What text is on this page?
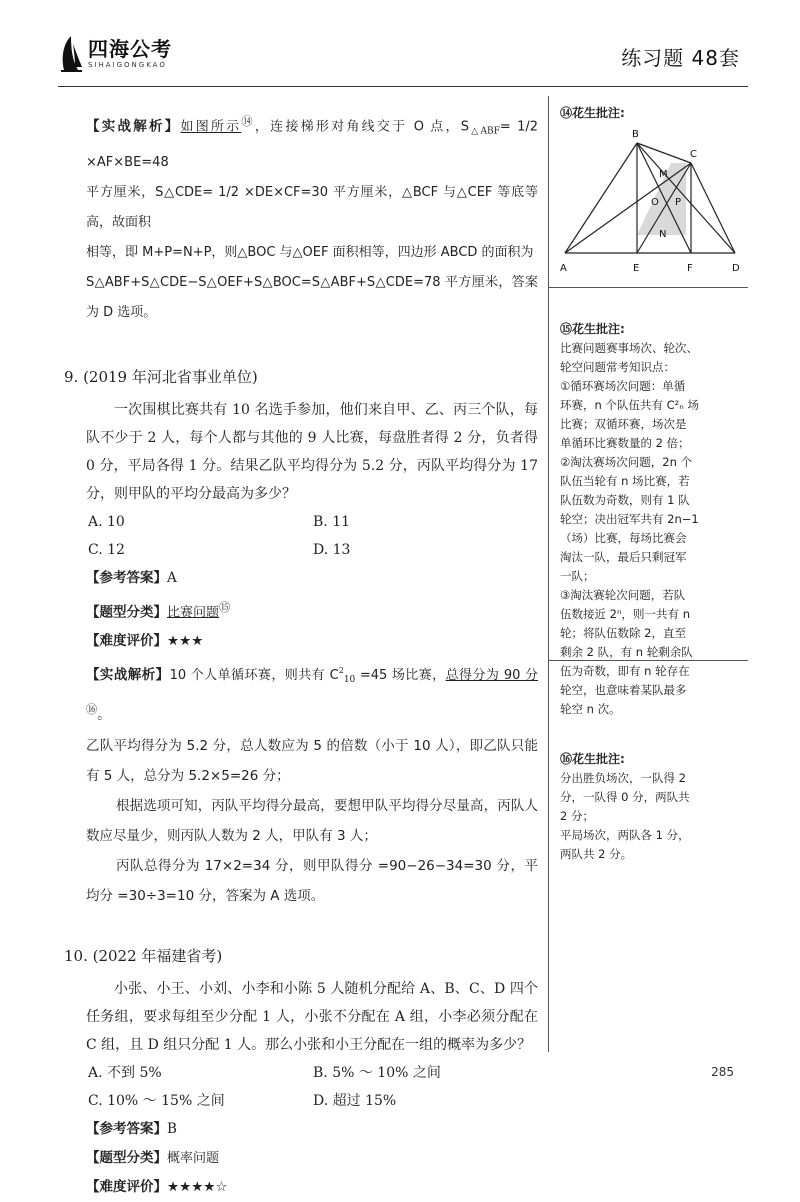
四海公考
SIHAIGONGKAO	练习题 48套

【实战解析】如图所示⑭，连接梯形对角线交于 O 点，$S_{\triangle ABF}= 1/2 \times AF\times BE=48$

平方厘米，S△CDE= 1/2 ×DE×CF=30 平方厘米，△BCF 与△CEF 等底等高，故面积

相等，即 M+P=N+P，则△BOC 与△OEF 面积相等，四边形 ABCD 的面积为

S△ABF+S△CDE−S△OEF+S△BOC=S△ABF+S△CDE=78 平方厘米，答案为 D 选项。

9. (2019 年河北省事业单位)

一次围棋比赛共有 10 名选手参加，他们来自甲、乙、丙三个队，每队不少于 2 人，每个人都与其他的 9 人比赛，每盘胜者得 2 分，负者得 0 分，平局各得 1 分。结果乙队平均得分为 5.2 分，丙队平均得分为 17 分，则甲队的平均分最高为多少？

A. 10	B. 11
C. 12	D. 13
【参考答案】A
【题型分类】比赛问题⑮
【难度评价】★★★

【实战解析】10 个人单循环赛，则共有 $C^2_{10} =45$ 场比赛，总得分为 90 分⑯。

乙队平均得分为 5.2 分，总人数应为 5 的倍数（小于 10 人），即乙队只能有 5 人，总分为 5.2×5=26 分；

根据选项可知，丙队平均得分最高，要想甲队平均得分尽量高，丙队人数应尽量少，则丙队人数为 2 人，甲队有 3 人；

丙队总得分为 17×2=34 分，则甲队得分 =90−26−34=30 分，平均分 =30÷3=10 分，答案为 A 选项。

10. (2022 年福建省考)

小张、小王、小刘、小李和小陈 5 人随机分配给 A、B、C、D 四个任务组，要求每组至少分配 1 人，小张不分配在 A 组，小李必须分配在 C 组，且 D 组只分配 1 人。那么小张和小王分配在一组的概率为多少？

A. 不到 5%	B. 5% ～ 10% 之间
C. 10% ～ 15% 之间	D. 超过 15%
【参考答案】B
【题型分类】概率问题
【难度评价】★★★★☆

⑭花生批注:

A
B
C
D
E	F
M
N
O P

⑮花生批注:

比赛问题赛事场次、轮次、

轮空问题常考知识点：

①循环赛场次问题：单循

环赛，n 个队伍共有 C²ₙ 场

比赛；双循环赛，场次是

单循环比赛数量的 2 倍；

②淘汰赛场次问题，2n 个

队伍当轮有 n 场比赛，若

队伍数为奇数，则有 1 队

轮空；决出冠军共有 2n−1

（场）比赛，每场比赛会

淘汰一队，最后只剩冠军

一队；

③淘汰赛轮次问题，若队

伍数接近 2ⁿ，则一共有 n

轮；将队伍数除 2，直至

剩余 2 队，有 n 轮剩余队

伍为奇数，即有 n 轮存在

轮空，也意味着某队最多

轮空 n 次。

⑯花生批注:

分出胜负场次，一队得 2

分，一队得 0 分，两队共

2 分；

平局场次，两队各 1 分，

两队共 2 分。

285
